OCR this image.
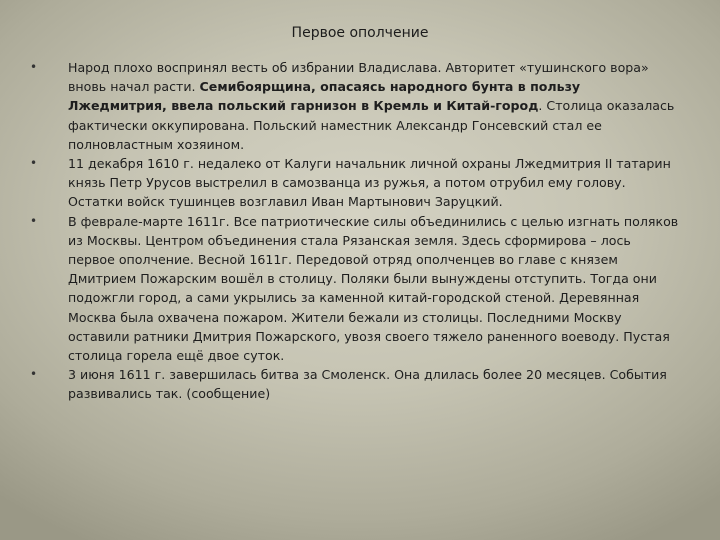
Первое ополчение
•	Народ плохо воспринял весть об избрании Владислава. Авторитет «тушинского вора» вновь начал расти. Семибоярщина, опасаясь народного бунта в пользу Лжедмитрия, ввела польский гарнизон в Кремль и Китай-город. Столица оказалась фактически оккупирована. Польский наместник Александр Гонсевский стал ее полновластным хозяином.
•	11 декабря 1610 г. недалеко от Калуги начальник личной охраны Лжедмитрия II татарин князь Петр Урусов выстрелил в самозванца из ружья, а потом отрубил ему голову. Остатки войск тушинцев возглавил Иван Мартынович Заруцкий.
•	В феврале-марте 1611г. Все патриотические силы объединились с целью изгнать поляков из Москвы. Центром объединения стала Рязанская земля. Здесь сформирова – лось первое ополчение. Весной 1611г. Передовой отряд ополченцев во главе с князем Дмитрием Пожарским вошёл в столицу. Поляки были вынуждены отступить. Тогда они подожгли город, а сами укрылись за каменной китай-городской стеной. Деревянная Москва была охвачена пожаром. Жители бежали из столицы. Последними Москву оставили ратники Дмитрия Пожарского, увозя своего тяжело раненного воеводу. Пустая столица горела ещё двое суток.
•	3 июня 1611 г. завершилась битва за Смоленск. Она длилась более 20 месяцев. События развивались так. (сообщение)
